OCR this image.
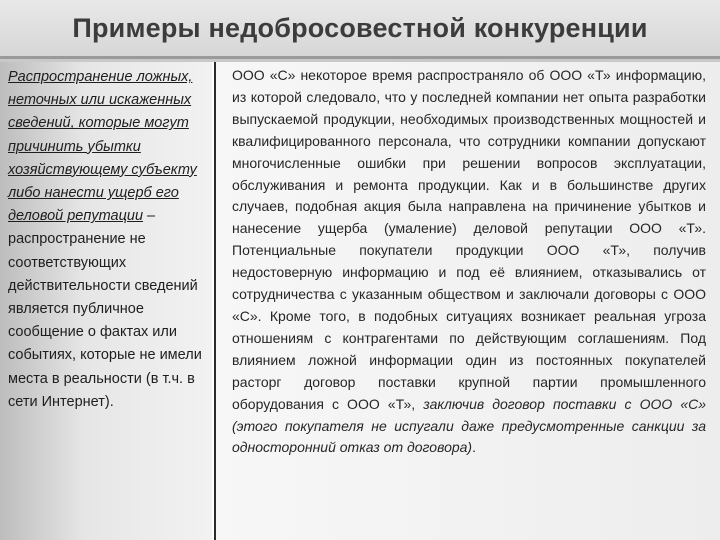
Примеры недобросовестной конкуренции
Распространение ложных, неточных или искаженных сведений, которые могут причинить убытки хозяйствующему субъекту либо нанести ущерб его деловой репутации – распространение не соответствующих действительности сведений является публичное сообщение о фактах или событиях, которые не имели места в реальности (в т.ч. в сети Интернет).

ООО «С» некоторое время распространяло об ООО «Т» информацию, из которой следовало, что у последней компании нет опыта разработки выпускаемой продукции, необходимых производственных мощностей и квалифицированного персонала, что сотрудники компании допускают многочисленные ошибки при решении вопросов эксплуатации, обслуживания и ремонта продукции. Как и в большинстве других случаев, подобная акция была направлена на причинение убытков и нанесение ущерба (умаление) деловой репутации ООО «Т». Потенциальные покупатели продукции ООО «Т», получив недостоверную информацию и под её влиянием, отказывались от сотрудничества с указанным обществом и заключали договоры с ООО «С». Кроме того, в подобных ситуациях возникает реальная угроза отношениям с контрагентами по действующим соглашениям. Под влиянием ложной информации один из постоянных покупателей расторг договор поставки крупной партии промышленного оборудования с ООО «Т», заключив договор поставки с ООО «С» (этого покупателя не испугали даже предусмотренные санкции за односторонний отказ от договора).
